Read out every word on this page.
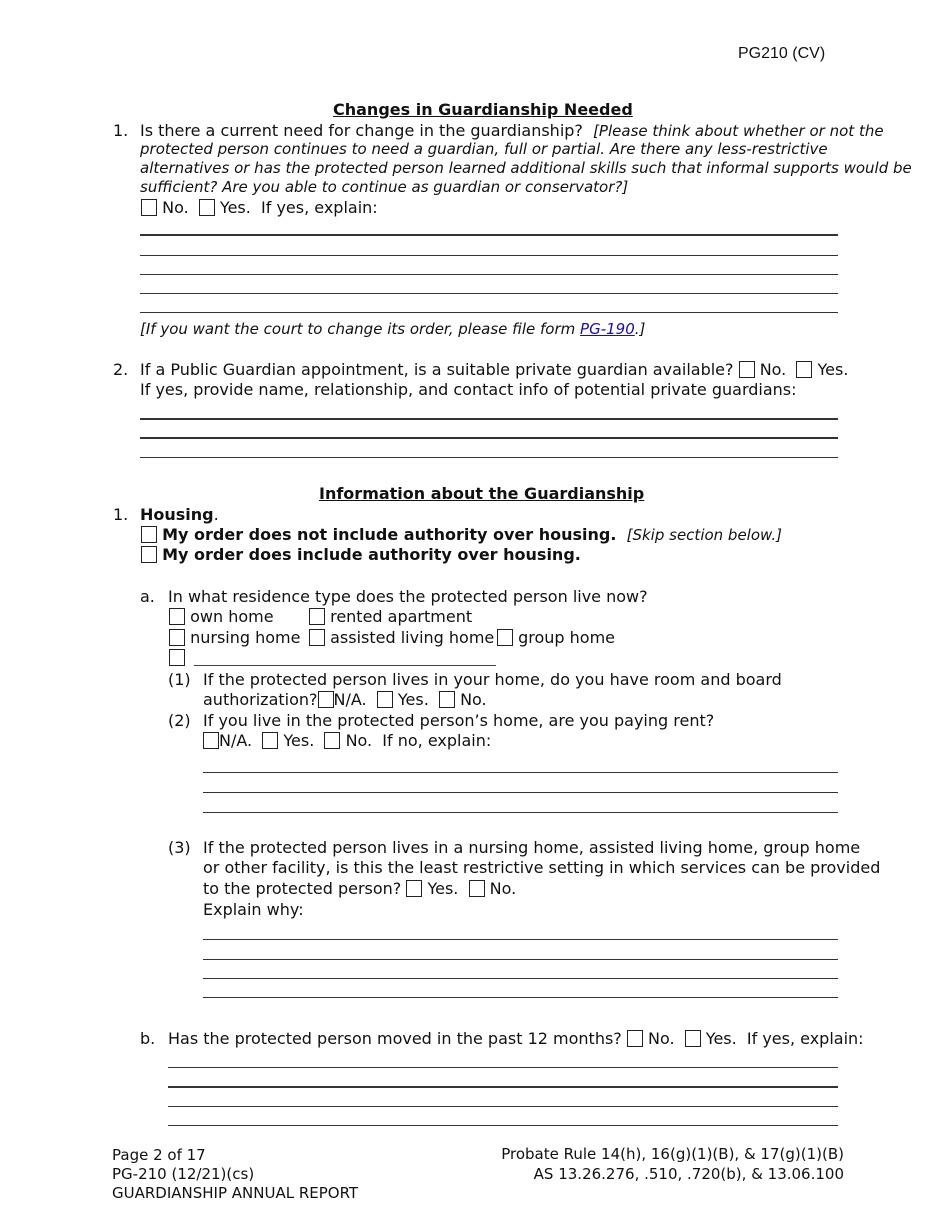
PG210 (CV)
Changes in Guardianship Needed
1. Is there a current need for change in the guardianship? [Please think about whether or not the
protected person continues to need a guardian, full or partial. Are there any less-restrictive
alternatives or has the protected person learned additional skills such that informal supports would be
sufficient? Are you able to continue as guardian or conservator?]
No. Yes. If yes, explain:
[If you want the court to change its order, please file form PG-190.]
2. If a Public Guardian appointment, is a suitable private guardian available? No. Yes.
If yes, provide name, relationship, and contact info of potential private guardians:
Information about the Guardianship
1. Housing.
My order does not include authority over housing. [Skip section below.]
My order does include authority over housing.
a. In what residence type does the protected person live now?
own home	rented apartment
nursing home	assisted living home	group home
(1) If the protected person lives in your home, do you have room and board
authorization? N/A. Yes. No.
(2) If you live in the protected person’s home, are you paying rent?
N/A. Yes. No. If no, explain:
(3) If the protected person lives in a nursing home, assisted living home, group home
or other facility, is this the least restrictive setting in which services can be provided
to the protected person? Yes. No.
Explain why:
b. Has the protected person moved in the past 12 months? No. Yes. If yes, explain:
Page 2 of 17
PG-210 (12/21)(cs)
GUARDIANSHIP ANNUAL REPORT
Probate Rule 14(h), 16(g)(1)(B), & 17(g)(1)(B)
AS 13.26.276, .510, .720(b), & 13.06.100
